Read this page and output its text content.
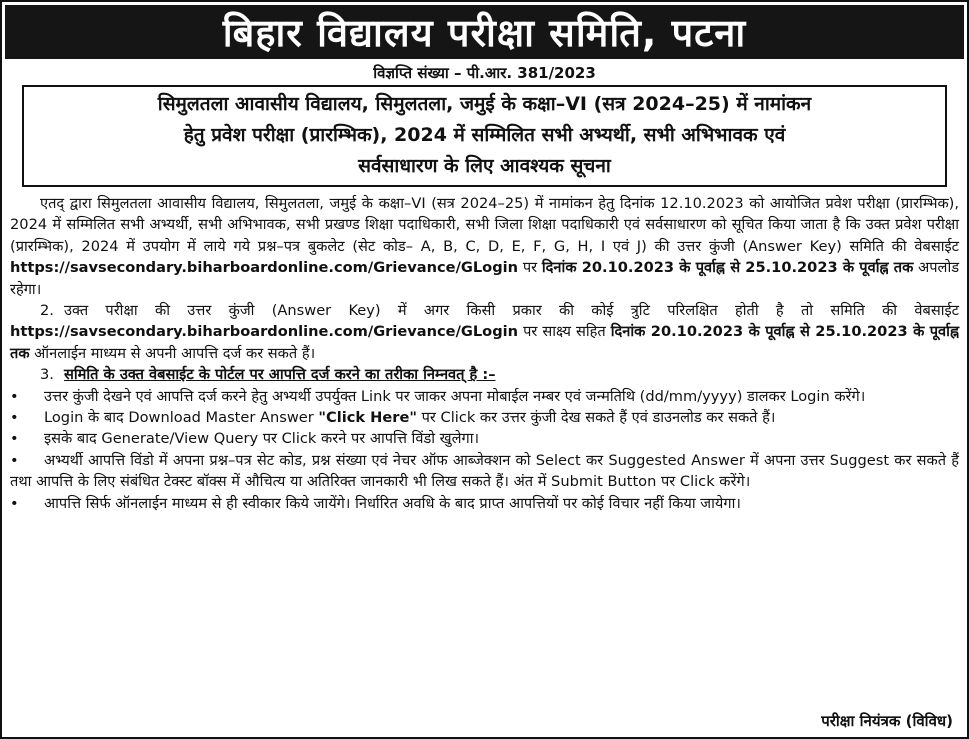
बिहार विद्यालय परीक्षा समिति, पटना
विज्ञप्ति संख्या – पी.आर. 381/2023
सिमुलतला आवासीय विद्यालय, सिमुलतला, जमुई के कक्षा–VI (सत्र 2024–25) में नामांकन
हेतु प्रवेश परीक्षा (प्रारम्भिक), 2024 में सम्मिलित सभी अभ्यर्थी, सभी अभिभावक एवं
सर्वसाधारण के लिए आवश्यक सूचना

एतद् द्वारा सिमुलतला आवासीय विद्यालय, सिमुलतला, जमुई के कक्षा–VI (सत्र 2024–25) में नामांकन हेतु दिनांक 12.10.2023 को आयोजित प्रवेश परीक्षा (प्रारम्भिक), 2024 में सम्मिलित सभी अभ्यर्थी, सभी अभिभावक, सभी प्रखण्ड शिक्षा पदाधिकारी, सभी जिला शिक्षा पदाधिकारी एवं सर्वसाधारण को सूचित किया जाता है कि उक्त प्रवेश परीक्षा (प्रारम्भिक), 2024 में उपयोग में लाये गये प्रश्न–पत्र बुकलेट (सेट कोड– A, B, C, D, E, F, G, H, I एवं J) की उत्तर कुंजी (Answer Key) समिति की वेबसाईट https://savsecondary.biharboardonline.com/Grievance/GLogin पर दिनांक 20.10.2023 के पूर्वाह्न से 25.10.2023 के पूर्वाह्न तक अपलोड रहेगा।

2. उक्त परीक्षा की उत्तर कुंजी (Answer Key) में अगर किसी प्रकार की कोई त्रुटि परिलक्षित होती है तो समिति की वेबसाईट https://savsecondary.biharboardonline.com/Grievance/GLogin पर साक्ष्य सहित दिनांक 20.10.2023 के पूर्वाह्न से 25.10.2023 के पूर्वाह्न तक ऑनलाईन माध्यम से अपनी आपत्ति दर्ज कर सकते हैं।

3. समिति के उक्त वेबसाईट के पोर्टल पर आपत्ति दर्ज करने का तरीका निम्नवत् है :–

• उत्तर कुंजी देखने एवं आपत्ति दर्ज करने हेतु अभ्यर्थी उपर्युक्त Link पर जाकर अपना मोबाईल नम्बर एवं जन्मतिथि (dd/mm/yyyy) डालकर Login करेंगे।

• Login के बाद Download Master Answer "Click Here" पर Click कर उत्तर कुंजी देख सकते हैं एवं डाउनलोड कर सकते हैं।

• इसके बाद Generate/View Query पर Click करने पर आपत्ति विंडो खुलेगा।

• अभ्यर्थी आपत्ति विंडो में अपना प्रश्न–पत्र सेट कोड, प्रश्न संख्या एवं नेचर ऑफ आब्जेक्शन को Select कर Suggested Answer में अपना उत्तर Suggest कर सकते हैं तथा आपत्ति के लिए संबंधित टेक्स्ट बॉक्स में औचित्य या अतिरिक्त जानकारी भी लिख सकते हैं। अंत में Submit Button पर Click करेंगे।

• आपत्ति सिर्फ ऑनलाईन माध्यम से ही स्वीकार किये जायेंगे। निर्धारित अवधि के बाद प्राप्त आपत्तियों पर कोई विचार नहीं किया जायेगा।

परीक्षा नियंत्रक (विविध)
